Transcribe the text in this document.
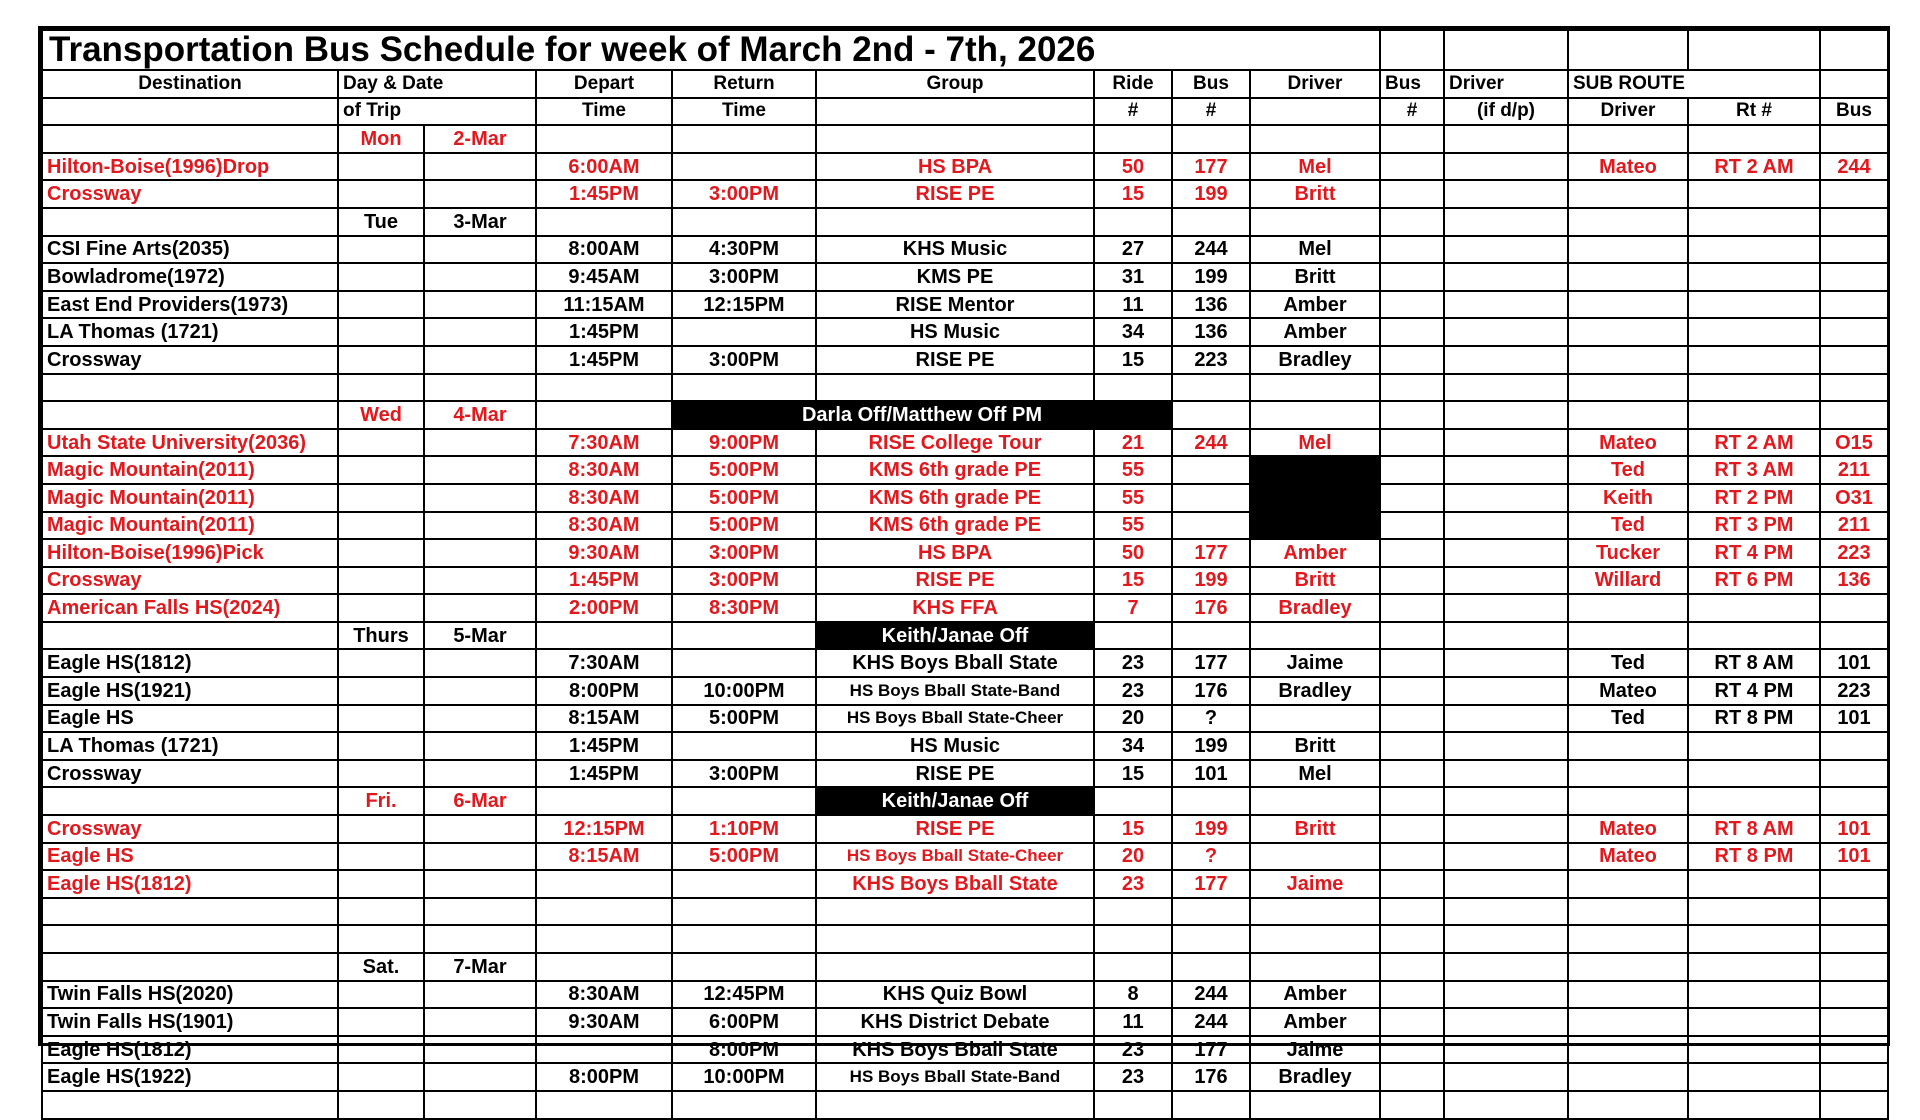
Transportation Bus Schedule for week of March 2nd - 7th, 2026													
Destination	Day & Date		Depart	Return	Group	Ride	Bus	Driver	Bus	Driver	SUB ROUTE		
	of Trip		Time	Time		#	#		#	(if d/p)	Driver	Rt #	Bus
	Mon	2-Mar											
Hilton-Boise(1996)Drop			6:00AM		HS BPA	50	177	Mel			Mateo	RT 2 AM	244
Crossway			1:45PM	3:00PM	RISE PE	15	199	Britt					
	Tue	3-Mar											
CSI Fine Arts(2035)			8:00AM	4:30PM	KHS Music	27	244	Mel					
Bowladrome(1972)			9:45AM	3:00PM	KMS PE	31	199	Britt					
East End Providers(1973)			11:15AM	12:15PM	RISE Mentor	11	136	Amber					
LA Thomas (1721)			1:45PM		HS Music	34	136	Amber					
Crossway			1:45PM	3:00PM	RISE PE	15	223	Bradley					

	Wed	4-Mar		Darla Off/Matthew Off PM									
Utah State University(2036)			7:30AM	9:00PM	RISE College Tour	21	244	Mel			Mateo	RT 2 AM	O15
Magic Mountain(2011)			8:30AM	5:00PM	KMS 6th grade PE	55					Ted	RT 3 AM	211
Magic Mountain(2011)			8:30AM	5:00PM	KMS 6th grade PE	55					Keith	RT 2 PM	O31
Magic Mountain(2011)			8:30AM	5:00PM	KMS 6th grade PE	55					Ted	RT 3 PM	211
Hilton-Boise(1996)Pick			9:30AM	3:00PM	HS BPA	50	177	Amber			Tucker	RT 4 PM	223
Crossway			1:45PM	3:00PM	RISE PE	15	199	Britt			Willard	RT 6 PM	136
American Falls HS(2024)			2:00PM	8:30PM	KHS FFA	7	176	Bradley					
	Thurs	5-Mar			Keith/Janae Off								
Eagle HS(1812)			7:30AM		KHS Boys Bball State	23	177	Jaime			Ted	RT 8 AM	101
Eagle HS(1921)			8:00PM	10:00PM	HS Boys Bball State-Band	23	176	Bradley			Mateo	RT 4 PM	223
Eagle HS			8:15AM	5:00PM	HS Boys Bball State-Cheer	20	?				Ted	RT 8 PM	101
LA Thomas (1721)			1:45PM		HS Music	34	199	Britt					
Crossway			1:45PM	3:00PM	RISE PE	15	101	Mel					
	Fri.	6-Mar			Keith/Janae Off								
Crossway			12:15PM	1:10PM	RISE PE	15	199	Britt			Mateo	RT 8 AM	101
Eagle HS			8:15AM	5:00PM	HS Boys Bball State-Cheer	20	?				Mateo	RT 8 PM	101
Eagle HS(1812)					KHS Boys Bball State	23	177	Jaime					

	Sat.	7-Mar											
Twin Falls HS(2020)			8:30AM	12:45PM	KHS Quiz Bowl	8	244	Amber					
Twin Falls HS(1901)			9:30AM	6:00PM	KHS District Debate	11	244	Amber					
Eagle HS(1812)				8:00PM	KHS Boys Bball State	23	177	Jaime					
Eagle HS(1922)			8:00PM	10:00PM	HS Boys Bball State-Band	23	176	Bradley					
